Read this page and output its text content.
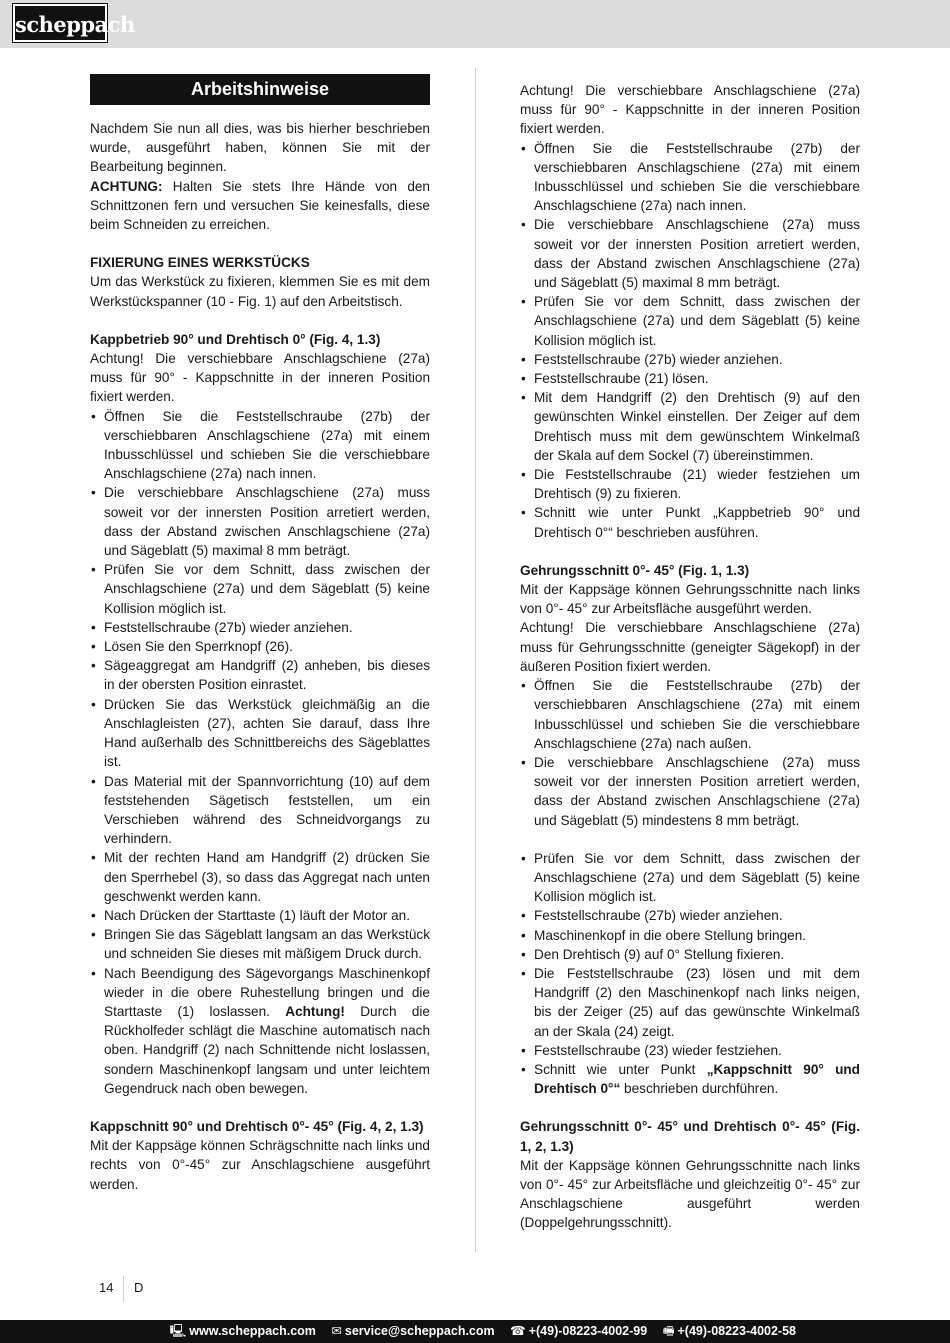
scheppach
Arbeitshinweise

Nachdem Sie nun all dies, was bis hierher beschrieben wurde, ausgeführt haben, können Sie mit der Bearbeitung beginnen.

ACHTUNG: Halten Sie stets Ihre Hände von den Schnittzonen fern und versuchen Sie keinesfalls, diese beim Schneiden zu erreichen.

FIXIERUNG EINES WERKSTÜCKS

Um das Werkstück zu fixieren, klemmen Sie es mit dem Werkstückspanner (10 - Fig. 1) auf den Arbeitstisch.

Kappbetrieb 90° und Drehtisch 0° (Fig. 4, 1.3)

Achtung! Die verschiebbare Anschlagschiene (27a) muss für 90° - Kappschnitte in der inneren Position fixiert werden.

• Öffnen Sie die Feststellschraube (27b) der verschiebbaren Anschlagschiene (27a) mit einem Inbusschlüssel und schieben Sie die verschiebbare Anschlagschiene (27a) nach innen.
• Die verschiebbare Anschlagschiene (27a) muss soweit vor der innersten Position arretiert werden, dass der Abstand zwischen Anschlagschiene (27a) und Sägeblatt (5) maximal 8 mm beträgt.
• Prüfen Sie vor dem Schnitt, dass zwischen der Anschlagschiene (27a) und dem Sägeblatt (5) keine Kollision möglich ist.
• Feststellschraube (27b) wieder anziehen.
• Lösen Sie den Sperrknopf (26).
• Sägeaggregat am Handgriff (2) anheben, bis dieses in der obersten Position einrastet.
• Drücken Sie das Werkstück gleichmäßig an die Anschlagleisten (27), achten Sie darauf, dass Ihre Hand außerhalb des Schnittbereichs des Sägeblattes ist.
• Das Material mit der Spannvorrichtung (10) auf dem feststehenden Sägetisch feststellen, um ein Verschieben während des Schneidvorgangs zu verhindern.
• Mit der rechten Hand am Handgriff (2) drücken Sie den Sperrhebel (3), so dass das Aggregat nach unten geschwenkt werden kann.
• Nach Drücken der Starttaste (1) läuft der Motor an.
• Bringen Sie das Sägeblatt langsam an das Werkstück und schneiden Sie dieses mit mäßigem Druck durch.
• Nach Beendigung des Sägevorgangs Maschinenkopf wieder in die obere Ruhestellung bringen und die Starttaste (1) loslassen. Achtung! Durch die Rückholfeder schlägt die Maschine automatisch nach oben. Handgriff (2) nach Schnittende nicht loslassen, sondern Maschinenkopf langsam und unter leichtem Gegendruck nach oben bewegen.

Kappschnitt 90° und Drehtisch 0°- 45° (Fig. 4, 2, 1.3)

Mit der Kappsäge können Schrägschnitte nach links und rechts von 0°-45° zur Anschlagschiene ausgeführt werden.

Achtung! Die verschiebbare Anschlagschiene (27a) muss für 90° - Kappschnitte in der inneren Position fixiert werden.

• Öffnen Sie die Feststellschraube (27b) der verschiebbaren Anschlagschiene (27a) mit einem Inbusschlüssel und schieben Sie die verschiebbare Anschlagschiene (27a) nach innen.
• Die verschiebbare Anschlagschiene (27a) muss soweit vor der innersten Position arretiert werden, dass der Abstand zwischen Anschlagschiene (27a) und Sägeblatt (5) maximal 8 mm beträgt.
• Prüfen Sie vor dem Schnitt, dass zwischen der Anschlagschiene (27a) und dem Sägeblatt (5) keine Kollision möglich ist.
• Feststellschraube (27b) wieder anziehen.
• Feststellschraube (21) lösen.
• Mit dem Handgriff (2) den Drehtisch (9) auf den gewünschten Winkel einstellen. Der Zeiger auf dem Drehtisch muss mit dem gewünschtem Winkelmaß der Skala auf dem Sockel (7) übereinstimmen.
• Die Feststellschraube (21) wieder festziehen um Drehtisch (9) zu fixieren.
• Schnitt wie unter Punkt „Kappbetrieb 90° und Drehtisch 0°“ beschrieben ausführen.

Gehrungsschnitt 0°- 45° (Fig. 1, 1.3)

Mit der Kappsäge können Gehrungsschnitte nach links von 0°- 45° zur Arbeitsfläche ausgeführt werden.

Achtung! Die verschiebbare Anschlagschiene (27a) muss für Gehrungsschnitte (geneigter Sägekopf) in der äußeren Position fixiert werden.

• Öffnen Sie die Feststellschraube (27b) der verschiebbaren Anschlagschiene (27a) mit einem Inbusschlüssel und schieben Sie die verschiebbare Anschlagschiene (27a) nach außen.
• Die verschiebbare Anschlagschiene (27a) muss soweit vor der innersten Position arretiert werden, dass der Abstand zwischen Anschlagschiene (27a) und Sägeblatt (5) mindestens 8 mm beträgt.
• Prüfen Sie vor dem Schnitt, dass zwischen der Anschlagschiene (27a) und dem Sägeblatt (5) keine Kollision möglich ist.
• Feststellschraube (27b) wieder anziehen.
• Maschinenkopf in die obere Stellung bringen.
• Den Drehtisch (9) auf 0° Stellung fixieren.
• Die Feststellschraube (23) lösen und mit dem Handgriff (2) den Maschinenkopf nach links neigen, bis der Zeiger (25) auf das gewünschte Winkelmaß an der Skala (24) zeigt.
• Feststellschraube (23) wieder festziehen.
• Schnitt wie unter Punkt „Kappschnitt 90° und Drehtisch 0°“ beschrieben durchführen.

Gehrungsschnitt 0°- 45° und Drehtisch 0°- 45° (Fig. 1, 2, 1.3)

Mit der Kappsäge können Gehrungsschnitte nach links von 0°- 45° zur Arbeitsfläche und gleichzeitig 0°- 45° zur Anschlagschiene ausgeführt werden (Doppelgehrungsschnitt).

14 D
🖳 www.scheppach.com ✉ service@scheppach.com ☎ +(49)-08223-4002-99 🖷 +(49)-08223-4002-58
